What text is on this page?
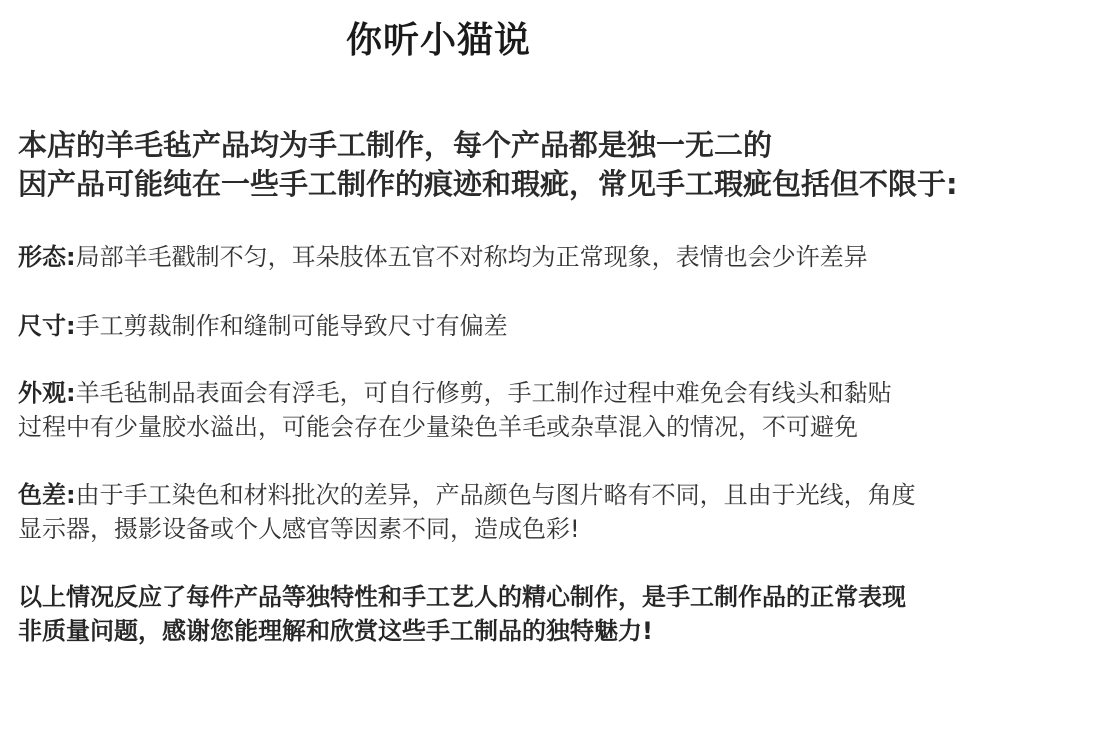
你听小猫说
本店的羊毛毡产品均为手工制作，每个产品都是独一无二的
因产品可能纯在一些手工制作的痕迹和瑕疵，常见手工瑕疵包括但不限于:
形态:局部羊毛戳制不匀，耳朵肢体五官不对称均为正常现象，表情也会少许差异
尺寸:手工剪裁制作和缝制可能导致尺寸有偏差
外观:羊毛毡制品表面会有浮毛，可自行修剪，手工制作过程中难免会有线头和黏贴
过程中有少量胶水溢出，可能会存在少量染色羊毛或杂草混入的情况，不可避免
色差:由于手工染色和材料批次的差异，产品颜色与图片略有不同，且由于光线，角度
显示器，摄影设备或个人感官等因素不同，造成色彩!
以上情况反应了每件产品等独特性和手工艺人的精心制作，是手工制作品的正常表现
非质量问题，感谢您能理解和欣赏这些手工制品的独特魅力!
